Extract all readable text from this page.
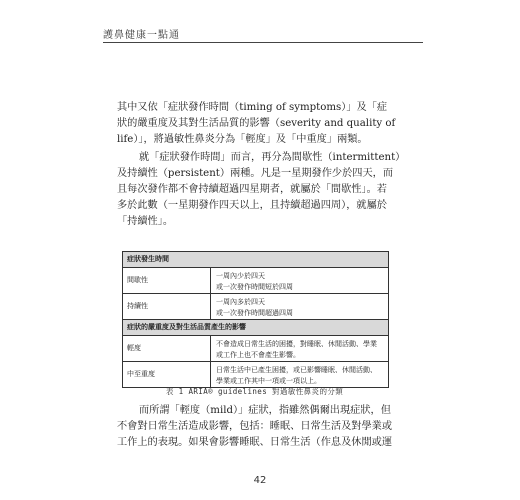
護鼻健康一點通
其中又依「症狀發作時間（timing of symptoms）」及「症
狀的嚴重度及其對生活品質的影響（severity and quality of
life）」，將過敏性鼻炎分為「輕度」及「中重度」兩類。
就「症狀發作時間」而言，再分為間歇性（intermittent）
及持續性（persistent）兩種。凡是一星期發作少於四天，而
且每次發作都不會持續超過四星期者，就屬於「間歇性」。若
多於此數（一星期發作四天以上，且持續超過四周），就屬於
「持續性」。
症狀發生時間
間歇性
一周內少於四天
或一次發作時間短於四周
持續性
一周內多於四天
或一次發作時間超過四周
症狀的嚴重度及對生活品質產生的影響
輕度
不會造成日常生活的困擾，對睡眠、休閒活動、學業
或工作上也不會產生影響。
中至重度
日常生活中已產生困擾，或已影響睡眠、休閒活動、
學業或工作其中一項或一項以上。
表 1 ARIA® guidelines 對過敏性鼻炎的分類
而所謂「輕度（mild）」症狀，指雖然偶爾出現症狀，但
不會對日常生活造成影響，包括：睡眠、日常生活及對學業或
工作上的表現。如果會影響睡眠、日常生活（作息及休閒或運
42
